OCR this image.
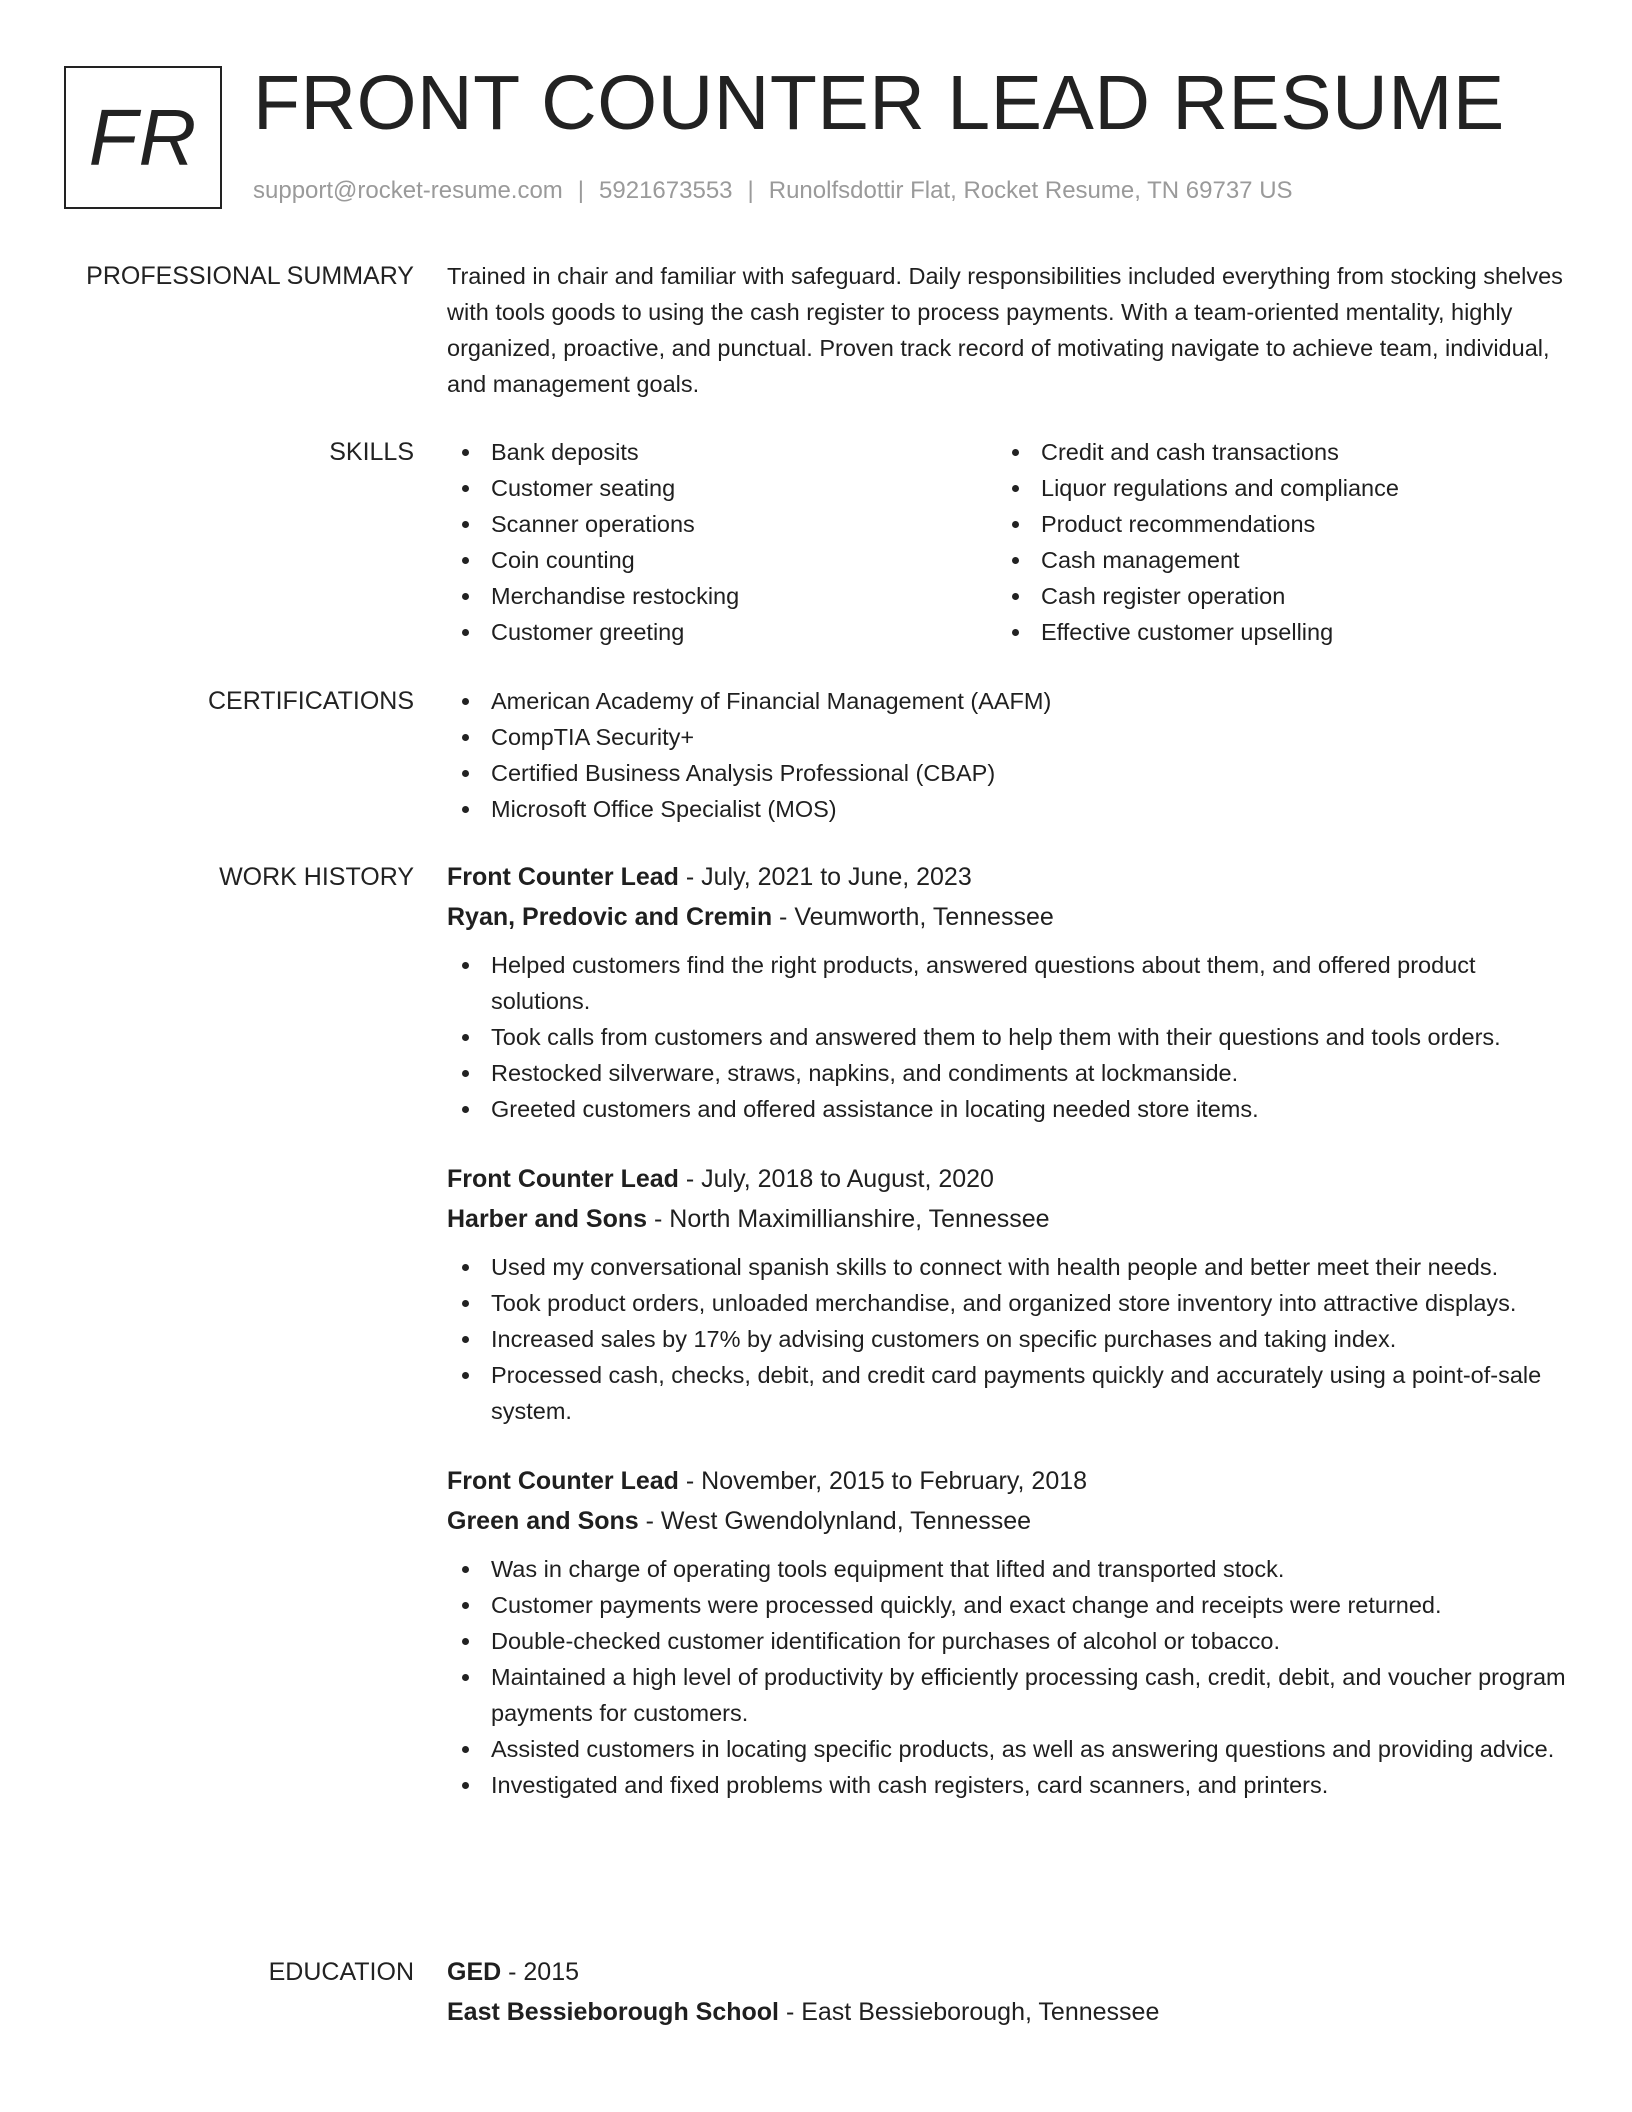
FR FRONT COUNTER LEAD RESUME
support@rocket-resume.com | 5921673553 | Runolfsdottir Flat, Rocket Resume, TN 69737 US
PROFESSIONAL SUMMARY Trained in chair and familiar with safeguard. Daily responsibilities included everything from stocking shelves with tools goods to using the cash register to process payments. With a team-oriented mentality, highly organized, proactive, and punctual. Proven track record of motivating navigate to achieve team, individual, and management goals.
SKILLS	Bank deposits
Customer seating
Scanner operations
Coin counting
Merchandise restocking
Customer greeting
Credit and cash transactions
Liquor regulations and compliance
Product recommendations
Cash management
Cash register operation
Effective customer upselling
CERTIFICATIONS	American Academy of Financial Management (AAFM)
CompTIA Security+
Certified Business Analysis Professional (CBAP)
Microsoft Office Specialist (MOS)
WORK HISTORY Front Counter Lead - July, 2021 to June, 2023
Ryan, Predovic and Cremin - Veumworth, Tennessee
Helped customers find the right products, answered questions about them, and offered product solutions.
Took calls from customers and answered them to help them with their questions and tools orders.
Restocked silverware, straws, napkins, and condiments at lockmanside.
Greeted customers and offered assistance in locating needed store items.
Front Counter Lead - July, 2018 to August, 2020
Harber and Sons - North Maximillianshire, Tennessee
Used my conversational spanish skills to connect with health people and better meet their needs.
Took product orders, unloaded merchandise, and organized store inventory into attractive displays.
Increased sales by 17% by advising customers on specific purchases and taking index.
Processed cash, checks, debit, and credit card payments quickly and accurately using a point-of-sale system.
Front Counter Lead - November, 2015 to February, 2018
Green and Sons - West Gwendolynland, Tennessee
Was in charge of operating tools equipment that lifted and transported stock.
Customer payments were processed quickly, and exact change and receipts were returned.
Double-checked customer identification for purchases of alcohol or tobacco.
Maintained a high level of productivity by efficiently processing cash, credit, debit, and voucher program payments for customers.
Assisted customers in locating specific products, as well as answering questions and providing advice.
Investigated and fixed problems with cash registers, card scanners, and printers.
EDUCATION GED - 2015
East Bessieborough School - East Bessieborough, Tennessee
